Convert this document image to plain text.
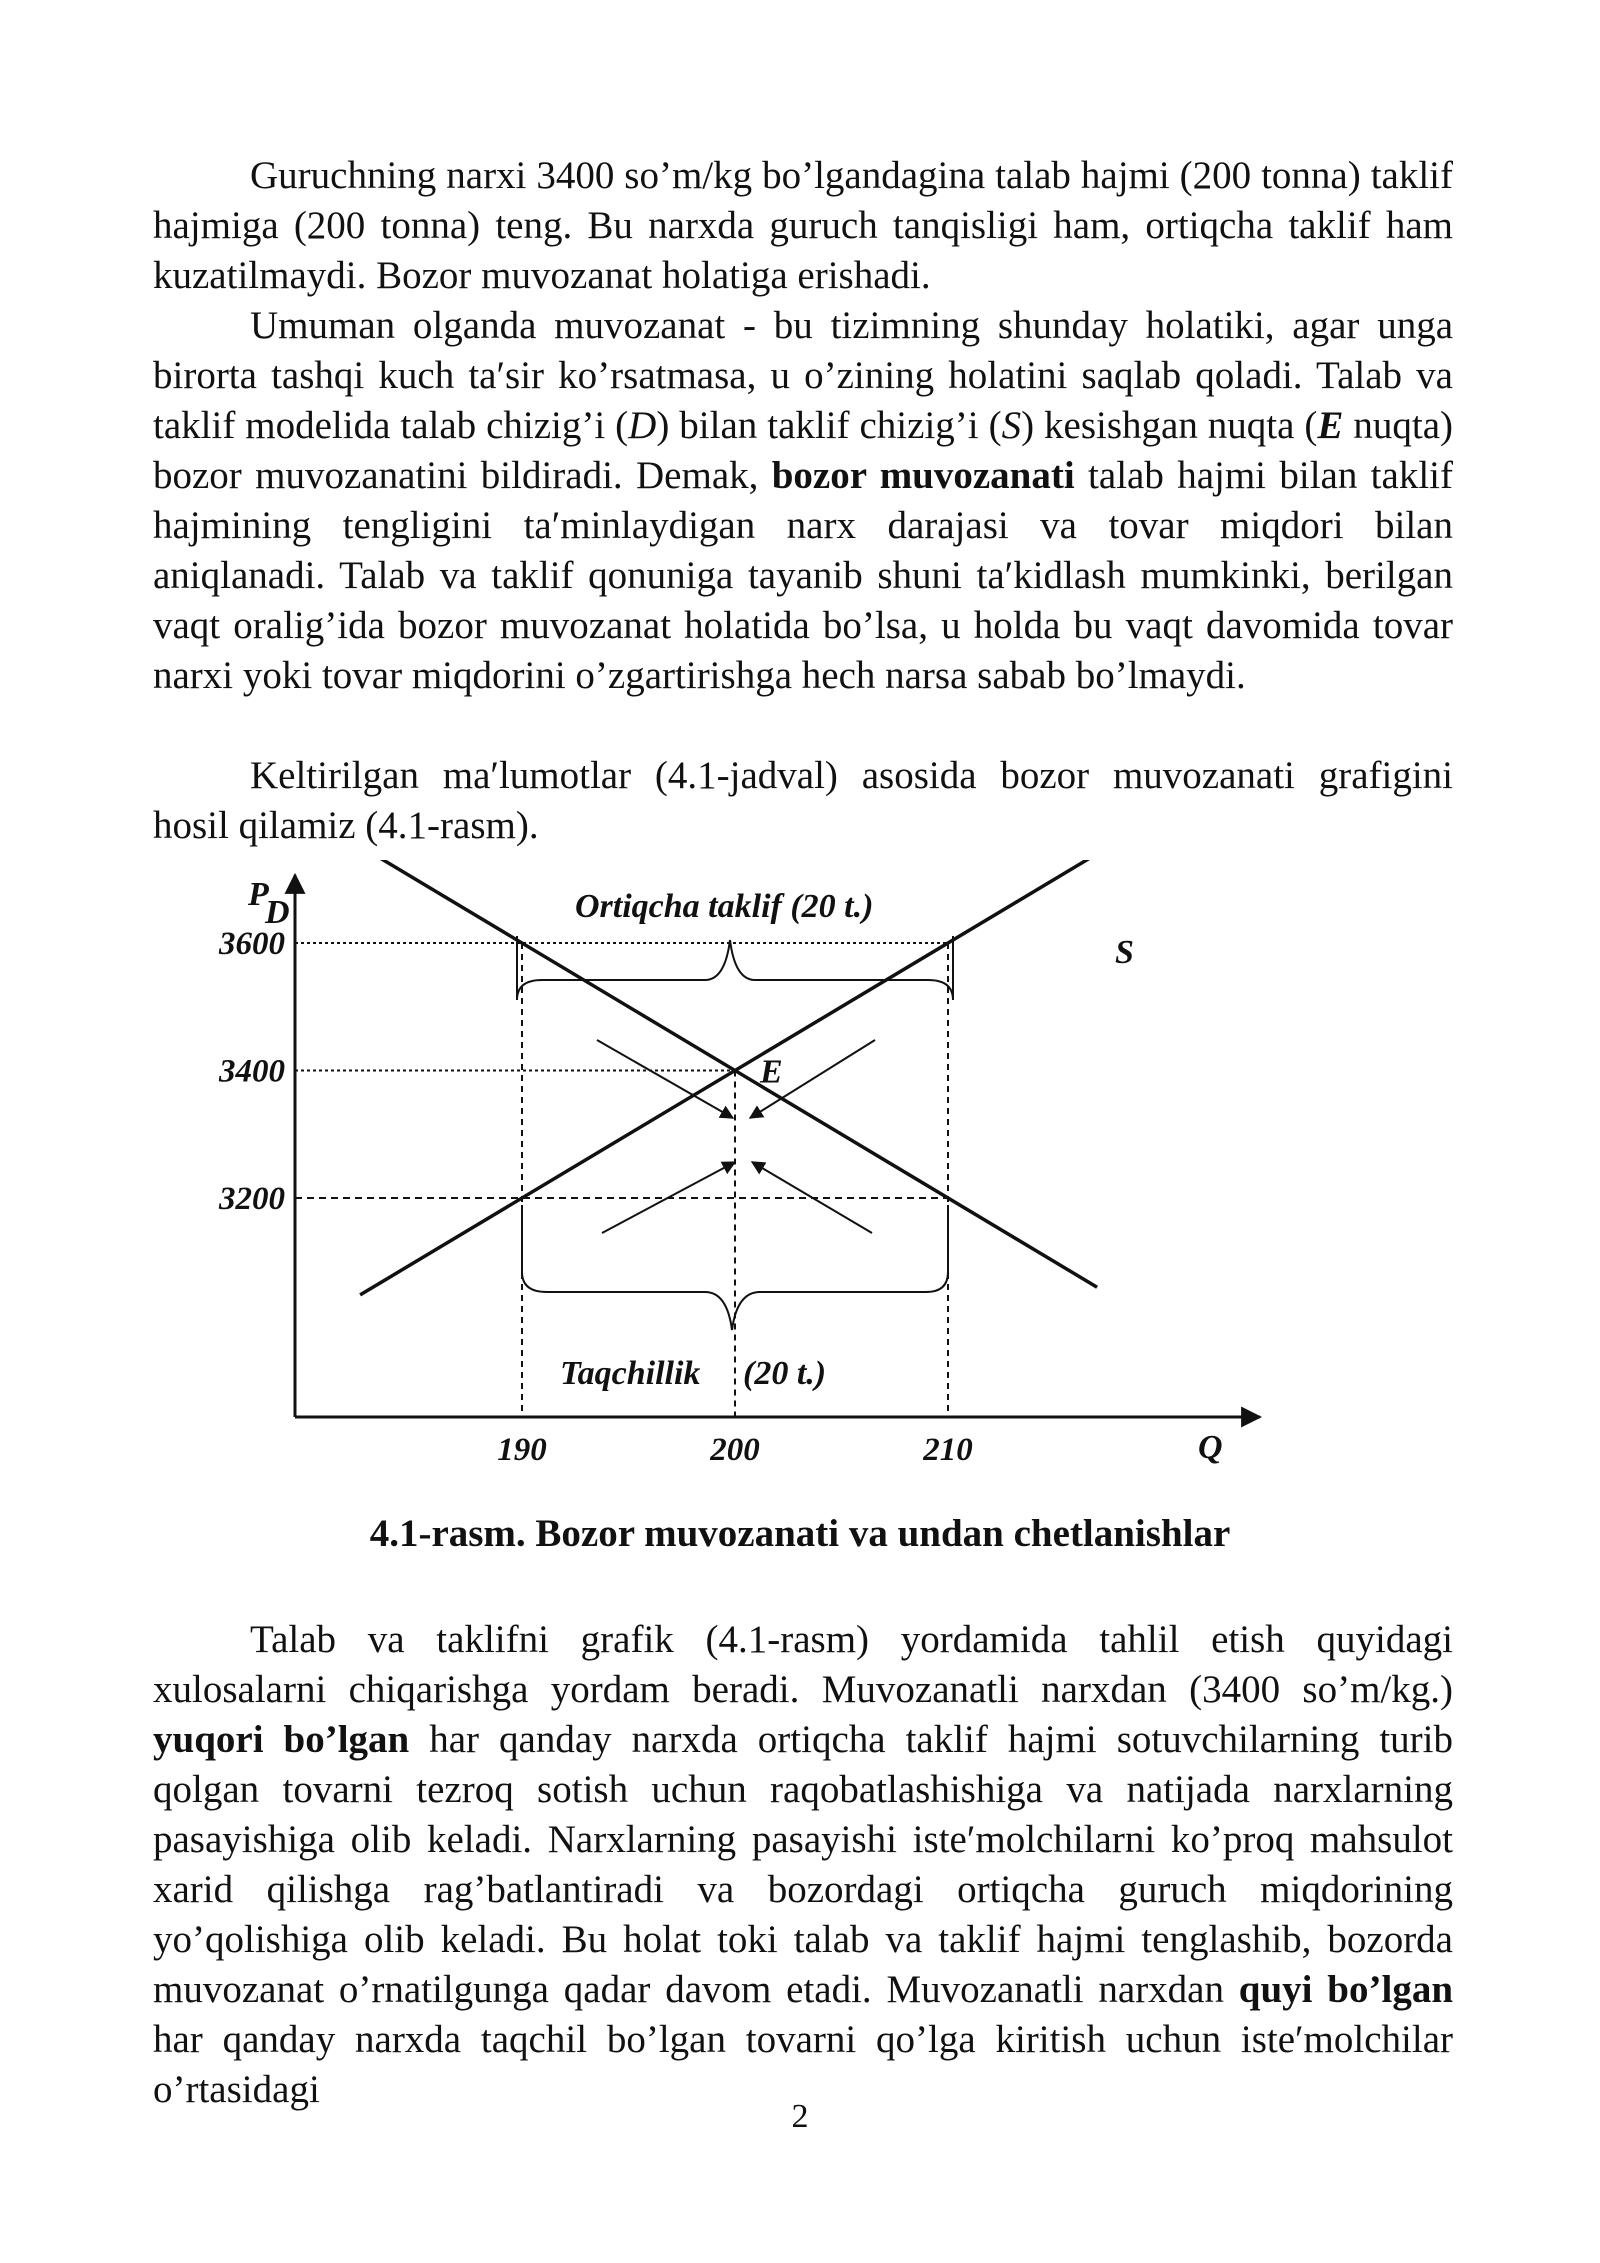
Guruchning narxi 3400 so’m/kg bo’lgandagina talab hajmi (200 tonna) taklif hajmiga (200 tonna) teng. Bu narxda guruch tanqisligi ham, ortiqcha taklif ham kuzatilmaydi. Bozor muvozanat holatiga erishadi.

Umuman olganda muvozanat - bu tizimning shunday holatiki, agar unga birorta tashqi kuch ta′sir ko’rsatmasa, u o’zining holatini saqlab qoladi. Talab va taklif modelida talab chizig’i (D) bilan taklif chizig’i (S) kesishgan nuqta (E nuqta) bozor muvozanatini bildiradi. Demak, bozor muvozanati talab hajmi bilan taklif hajmining tengligini ta′minlaydigan narx darajasi va tovar miqdori bilan aniqlanadi. Talab va taklif qonuniga tayanib shuni ta′kidlash mumkinki, berilgan vaqt oralig’ida bozor muvozanat holatida bo’lsa, u holda bu vaqt davomida tovar narxi yoki tovar miqdorini o’zgartirishga hech narsa sabab bo’lmaydi.

Keltirilgan ma′lumotlar (4.1-jadval) asosida bozor muvozanati grafigini hosil qilamiz (4.1-rasm).

P
Q
3200
3400
3600
190	200	210
D
S
E
Ortiqcha taklif (20 t.)
Taqchillik (20 t.)
4.1-rasm. Bozor muvozanati va undan chetlanishlar

Talab va taklifni grafik (4.1-rasm) yordamida tahlil etish quyidagi xulosalarni chiqarishga yordam beradi. Muvozanatli narxdan (3400 so’m/kg.) yuqori bo’lgan har qanday narxda ortiqcha taklif hajmi sotuvchilarning turib qolgan tovarni tezroq sotish uchun raqobatlashishiga va natijada narxlarning pasayishiga olib keladi. Narxlarning pasayishi iste′molchilarni ko’proq mahsulot xarid qilishga rag’batlantiradi va bozordagi ortiqcha guruch miqdorining yo’qolishiga olib keladi. Bu holat toki talab va taklif hajmi tenglashib, bozorda muvozanat o’rnatilgunga qadar davom etadi. Muvozanatli narxdan quyi bo’lgan har qanday narxda taqchil bo’lgan tovarni qo’lga kiritish uchun iste′molchilar o’rtasidagi

2
